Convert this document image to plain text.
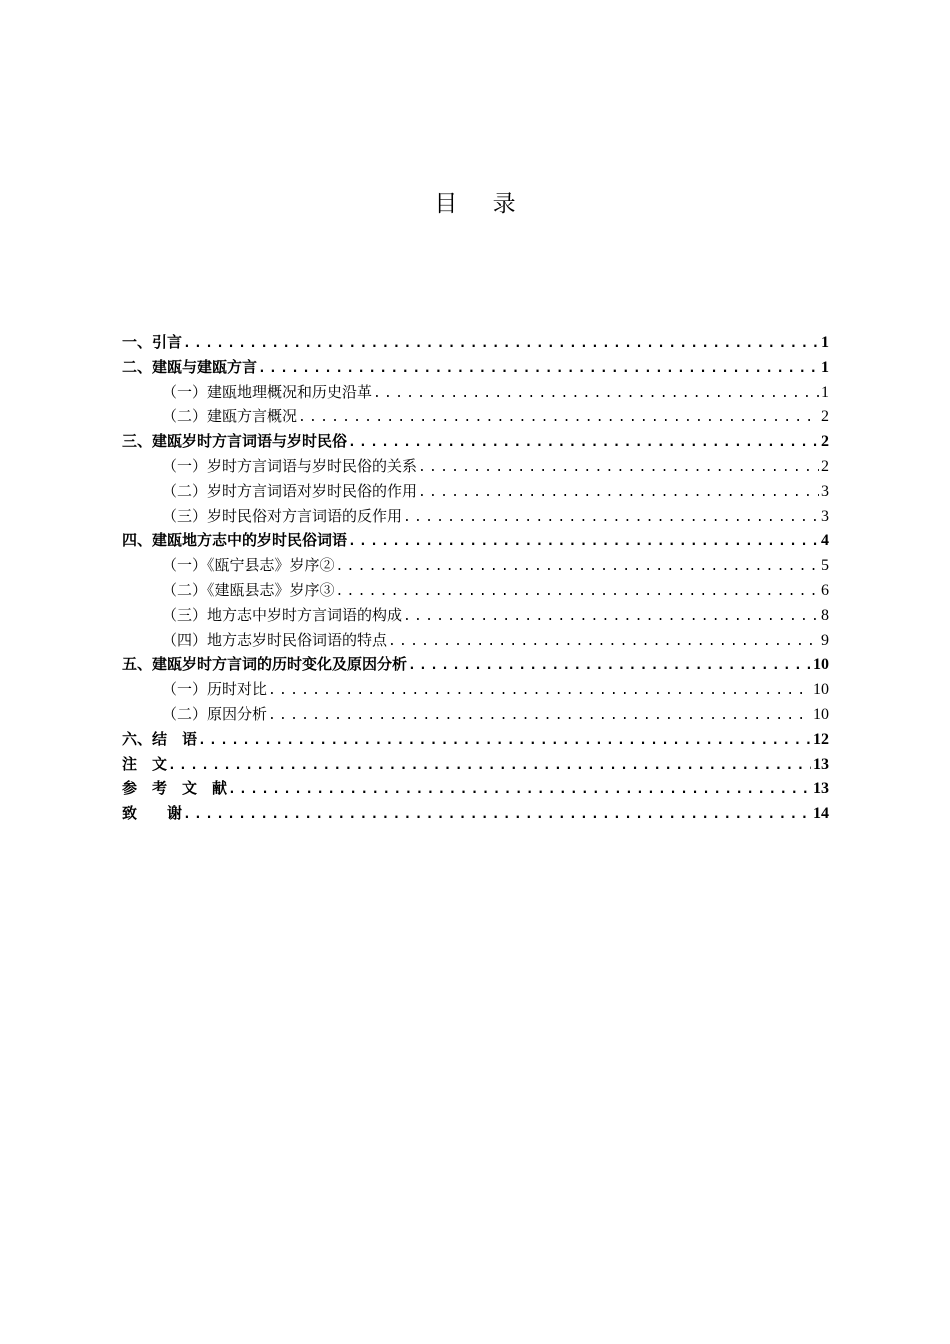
目 录
一、引言 .....	1
二、建瓯与建瓯方言 .....	1
（一）建瓯地理概况和历史沿革 .....	1
（二）建瓯方言概况 .....	2
三、建瓯岁时方言词语与岁时民俗 .....	2
（一）岁时方言词语与岁时民俗的关系 .....	2
（二）岁时方言词语对岁时民俗的作用 .....	3
（三）岁时民俗对方言词语的反作用 .....	3
四、建瓯地方志中的岁时民俗词语 .....	4
（一）《瓯宁县志》岁序② .....	5
（二）《建瓯县志》岁序③ .....	6
（三）地方志中岁时方言词语的构成 .....	8
（四）地方志岁时民俗词语的特点 .....	9
五、建瓯岁时方言词的历时变化及原因分析 .....	10
（一）历时对比 .....	10
（二）原因分析 .....	10
六、结　语 .....	12
注　文 .....	13
参　考　文　献 .....	13
致　　谢 .....	14
